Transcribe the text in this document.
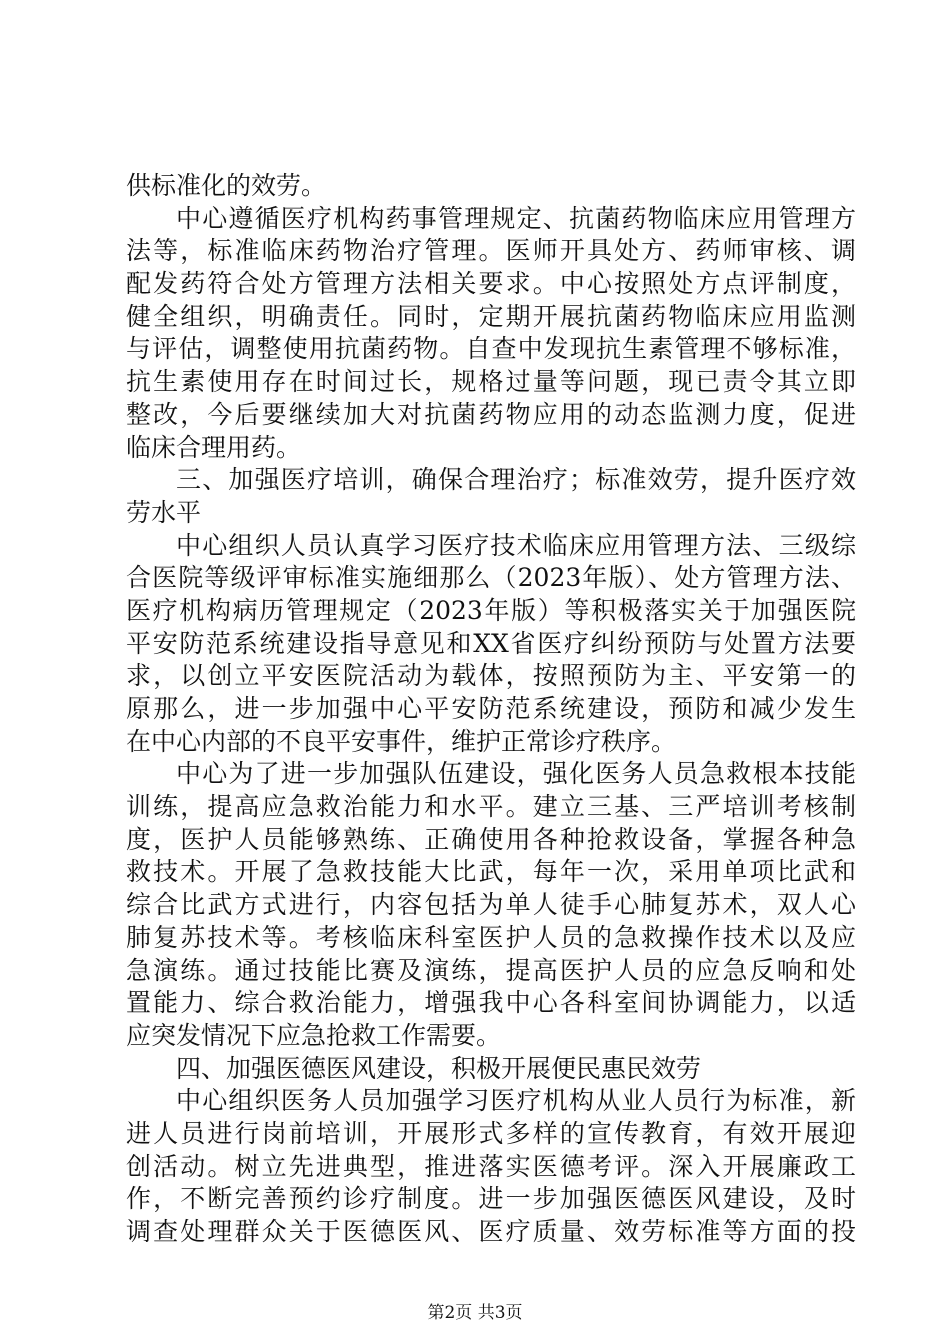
供标准化的效劳。
中心遵循医疗机构药事管理规定、抗菌药物临床应用管理方
法等，标准临床药物治疗管理。医师开具处方、药师审核、调
配发药符合处方管理方法相关要求。中心按照处方点评制度，
健全组织，明确责任。同时，定期开展抗菌药物临床应用监测
与评估，调整使用抗菌药物。自查中发现抗生素管理不够标准，
抗生素使用存在时间过长，规格过量等问题，现已责令其立即
整改，今后要继续加大对抗菌药物应用的动态监测力度，促进
临床合理用药。
三、加强医疗培训，确保合理治疗；标准效劳，提升医疗效
劳水平
中心组织人员认真学习医疗技术临床应用管理方法、三级综
合医院等级评审标准实施细那么（2023年版）、处方管理方法、
医疗机构病历管理规定（2023年版）等积极落实关于加强医院
平安防范系统建设指导意见和XX省医疗纠纷预防与处置方法要
求，以创立平安医院活动为载体，按照预防为主、平安第一的
原那么，进一步加强中心平安防范系统建设，预防和减少发生
在中心内部的不良平安事件，维护正常诊疗秩序。
中心为了进一步加强队伍建设，强化医务人员急救根本技能
训练，提高应急救治能力和水平。建立三基、三严培训考核制
度，医护人员能够熟练、正确使用各种抢救设备，掌握各种急
救技术。开展了急救技能大比武，每年一次，采用单项比武和
综合比武方式进行，内容包括为单人徒手心肺复苏术，双人心
肺复苏技术等。考核临床科室医护人员的急救操作技术以及应
急演练。通过技能比赛及演练，提高医护人员的应急反响和处
置能力、综合救治能力，增强我中心各科室间协调能力，以适
应突发情况下应急抢救工作需要。
四、加强医德医风建设，积极开展便民惠民效劳
中心组织医务人员加强学习医疗机构从业人员行为标准，新
进人员进行岗前培训，开展形式多样的宣传教育，有效开展迎
创活动。树立先进典型，推进落实医德考评。深入开展廉政工
作，不断完善预约诊疗制度。进一步加强医德医风建设，及时
调查处理群众关于医德医风、医疗质量、效劳标准等方面的投
第2页 共3页
